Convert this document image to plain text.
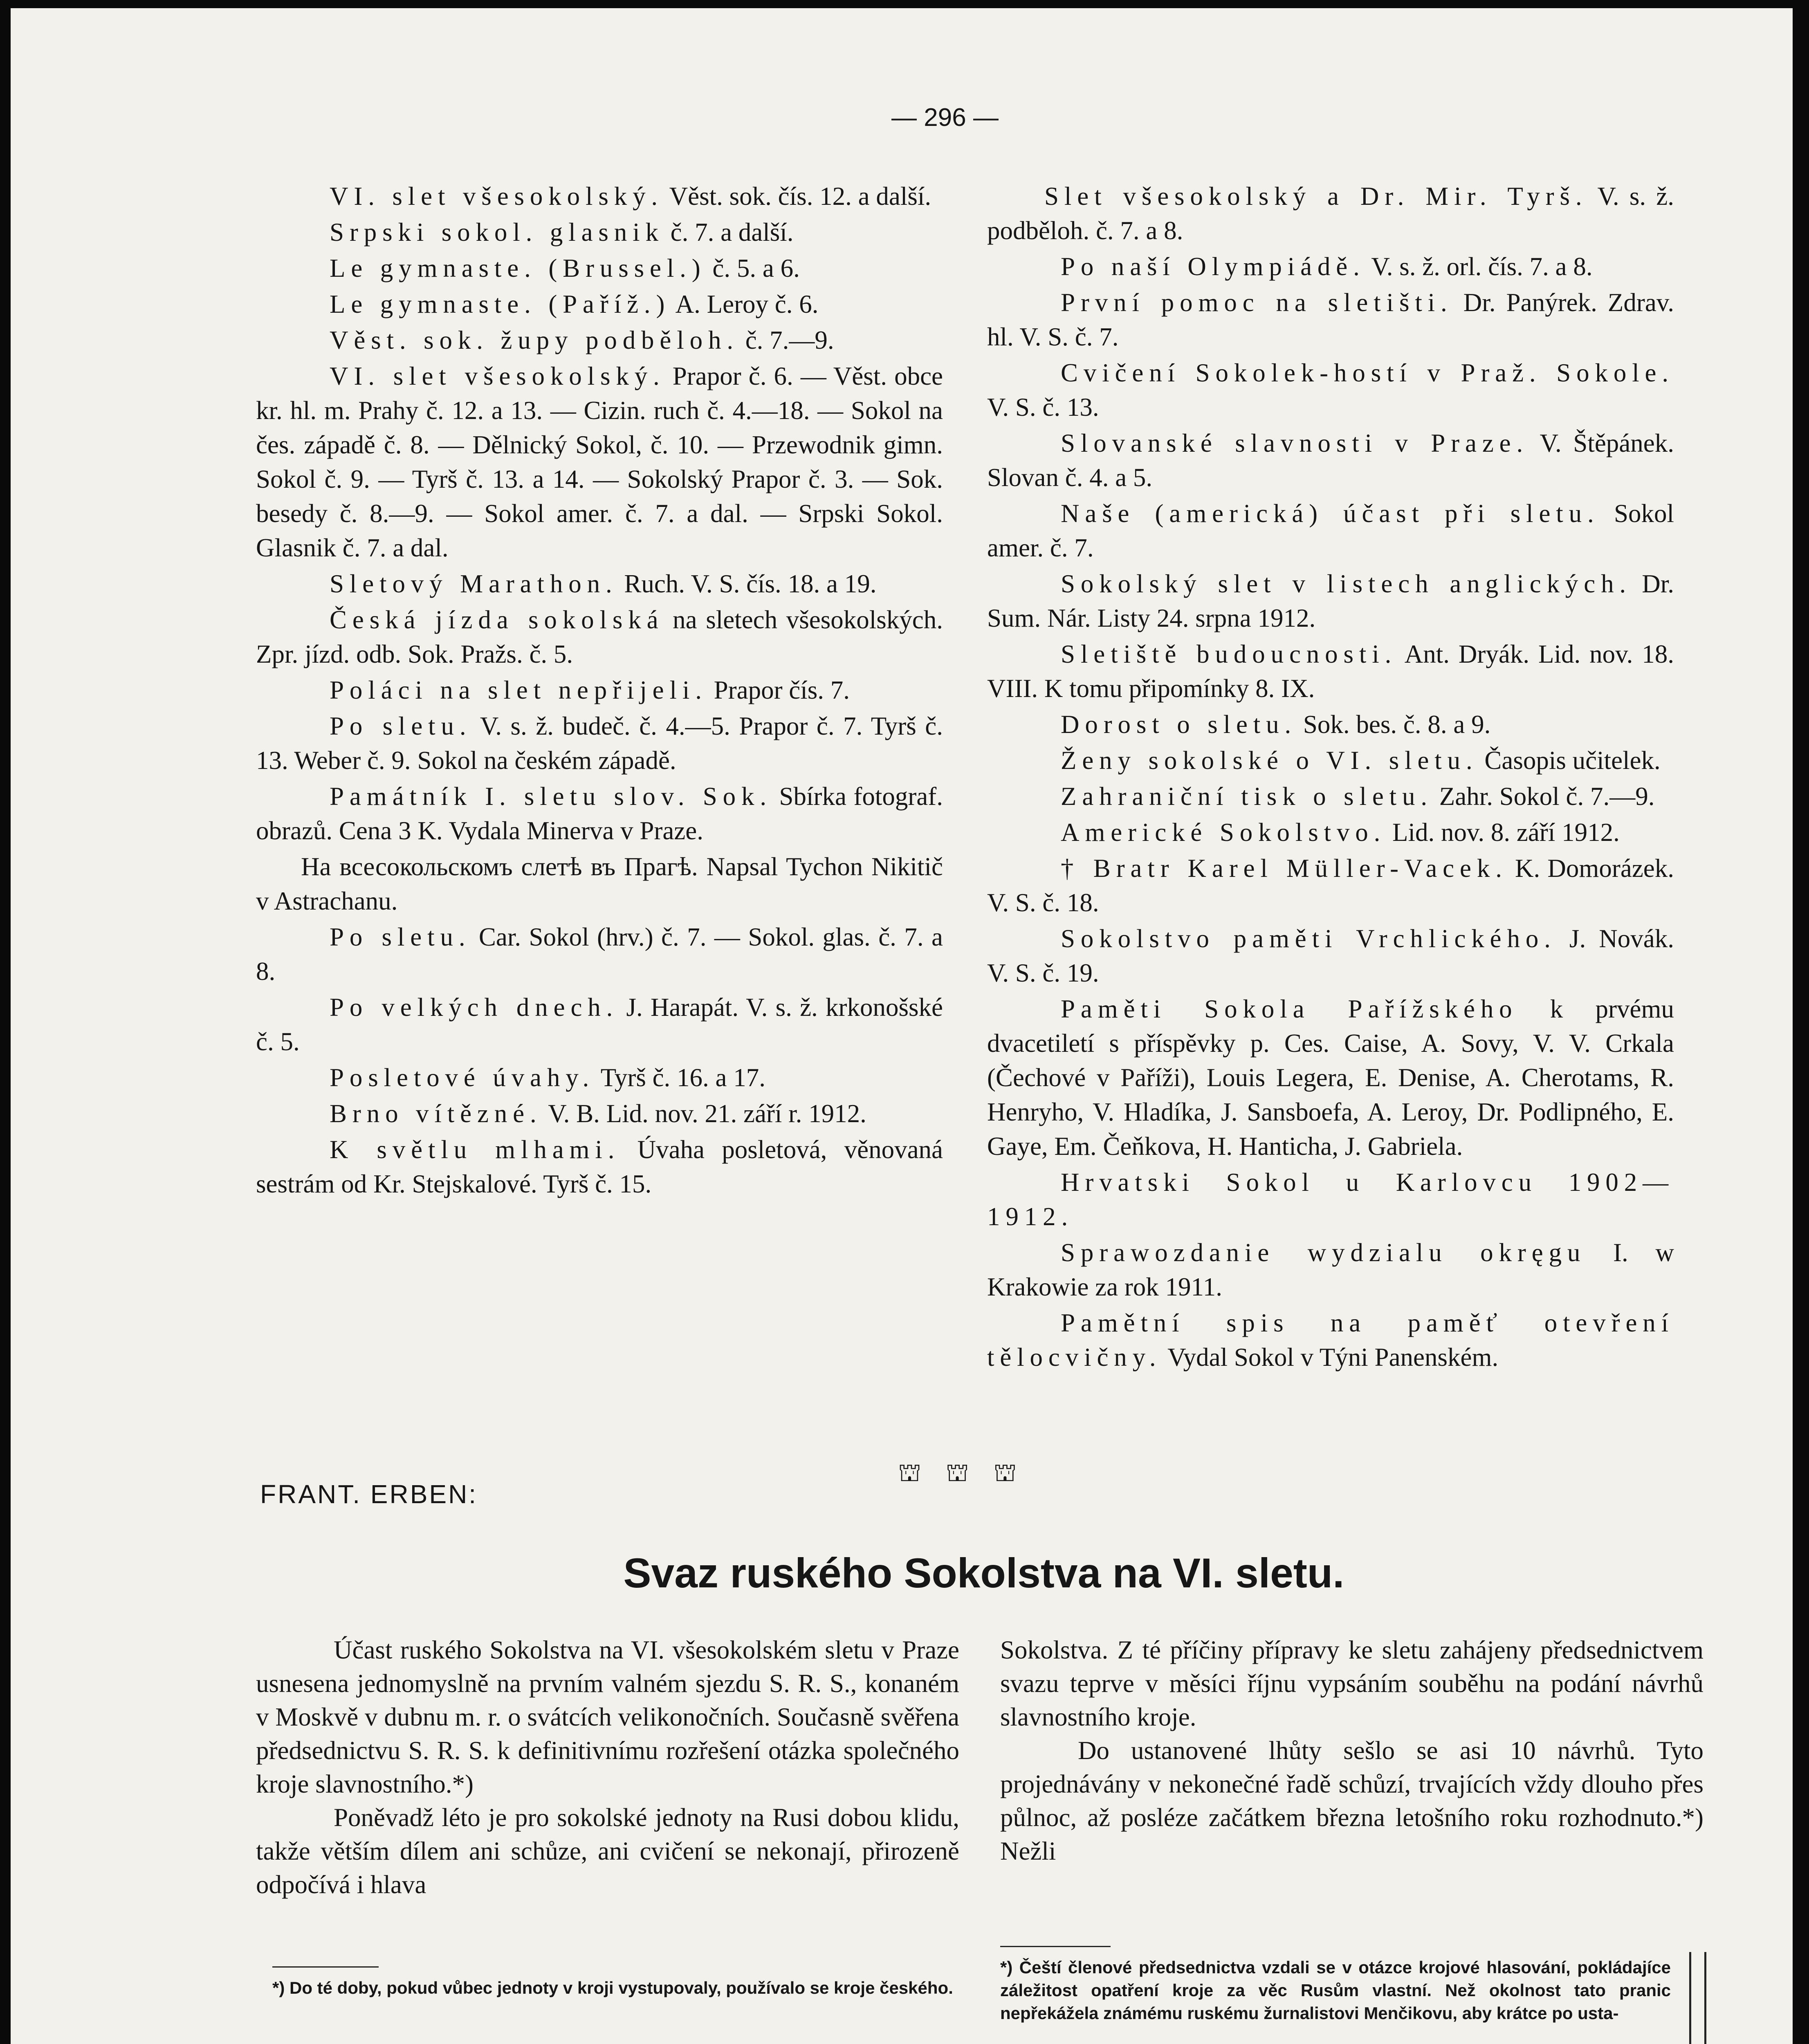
— 296 —
VI. slet všesokolský. Věst. sok. čís. 12. a další.
Srpski sokol. glasnik č. 7. a další.
Le gymnaste. (Brussel.) č. 5. a 6.
Le gymnaste. (Paříž.) A. Leroy č. 6.
Věst. sok. župy podběloh. č. 7.—9.
VI. slet všesokolský. Prapor č. 6. — Věst. obce kr. hl. m. Prahy č. 12. a 13. — Cizin. ruch č. 4.—18. — Sokol na čes. západě č. 8. — Dělnický Sokol, č. 10. — Przewodnik gimn. Sokol č. 9. — Tyrš č. 13. a 14. — Sokolský Prapor č. 3. — Sok. besedy č. 8.—9. — Sokol amer. č. 7. a dal. — Srpski Sokol. Glasnik č. 7. a dal.
Sletový Marathon. Ruch. V. S. čís. 18. a 19.
Česká jízda sokolská na sletech všesokolských. Zpr. jízd. odb. Sok. Pražs. č. 5.
Poláci na slet nepřijeli. Prapor čís. 7.
Po sletu. V. s. ž. budeč. č. 4.—5. Prapor č. 7. Tyrš č. 13. Weber č. 9. Sokol na českém západě.
Památník I. sletu slov. Sok. Sbírka fotograf. obrazů. Cena 3 K. Vydala Minerva v Praze.
На всесокольскомъ слетѣ въ Прагѣ. Napsal Tychon Nikitič v Astrachanu.
Po sletu. Car. Sokol (hrv.) č. 7. — Sokol. glas. č. 7. a 8.
Po velkých dnech. J. Harapát. V. s. ž. krkonošské č. 5.
Posletové úvahy. Tyrš č. 16. a 17.
Brno vítězné. V. B. Lid. nov. 21. září r. 1912.
K světlu mlhami. Úvaha posletová, věnovaná sestrám od Kr. Stejskalové. Tyrš č. 15.
Slet všesokolský a Dr. Mir. Tyrš. V. s. ž. podběloh. č. 7. a 8.
Po naší Olympiádě. V. s. ž. orl. čís. 7. a 8.
První pomoc na sletišti. Dr. Panýrek. Zdrav. hl. V. S. č. 7.
Cvičení Sokolek-hostí v Praž. Sokole. V. S. č. 13.
Slovanské slavnosti v Praze. V. Štěpánek. Slovan č. 4. a 5.
Naše (americká) účast při sletu. Sokol amer. č. 7.
Sokolský slet v listech anglických. Dr. Sum. Nár. Listy 24. srpna 1912.
Sletiště budoucnosti. Ant. Dryák. Lid. nov. 18. VIII. K tomu připomínky 8. IX.
Dorost o sletu. Sok. bes. č. 8. a 9.
Ženy sokolské o VI. sletu. Časopis učitelek.
Zahraniční tisk o sletu. Zahr. Sokol č. 7.—9.
Americké Sokolstvo. Lid. nov. 8. září 1912.
† Bratr Karel Müller-Vacek. K. Domorázek. V. S. č. 18.
Sokolstvo paměti Vrchlického. J. Novák. V. S. č. 19.
Paměti Sokola Pařížského k prvému dvacetiletí s příspěvky p. Ces. Caise, A. Sovy, V. V. Crkala (Čechové v Paříži), Louis Legera, E. Denise, A. Cherotams, R. Henryho, V. Hladíka, J. Sansboefa, A. Leroy, Dr. Podlipného, E. Gaye, Em. Čeňkova, H. Hanticha, J. Gabriela.
Hrvatski Sokol u Karlovcu 1902—1912.
Sprawozdanie wydzialu okręgu I. w Krakowie za rok 1911.
Pamětní spis na paměť otevření tělocvičny. Vydal Sokol v Týni Panenském.
⛫ ⛫ ⛫
FRANT. ERBEN:
Svaz ruského Sokolstva na VI. sletu.

Účast ruského Sokolstva na VI. všesokolském sletu v Praze usnesena jednomyslně na prvním valném sjezdu S. R. S., konaném v Moskvě v dubnu m. r. o svátcích velikonočních. Současně svěřena předsednictvu S. R. S. k definitivnímu rozřešení otázka společného kroje slavnostního.*)

Poněvadž léto je pro sokolské jednoty na Rusi dobou klidu, takže větším dílem ani schůze, ani cvičení se nekonají, přirozeně odpočívá i hlava

Sokolstva. Z té příčiny přípravy ke sletu zahájeny předsednictvem svazu teprve v měsíci říjnu vypsáním souběhu na podání návrhů slavnostního kroje.

Do ustanovené lhůty sešlo se asi 10 návrhů. Tyto projednávány v nekonečné řadě schůzí, trvajících vždy dlouho přes půlnoc, až posléze začátkem března letošního roku rozhodnuto.*) Nežli

*) Do té doby, pokud vůbec jednoty v kroji vystupovaly, používalo se kroje českého.
*) Čeští členové předsednictva vzdali se v otázce krojové hlasování, pokládajíce záležitost opatření kroje za věc Rusům vlastní. Než okolnost tato pranic nepřekážela známému ruskému žurnalistovi Menčikovu, aby krátce po usta-
